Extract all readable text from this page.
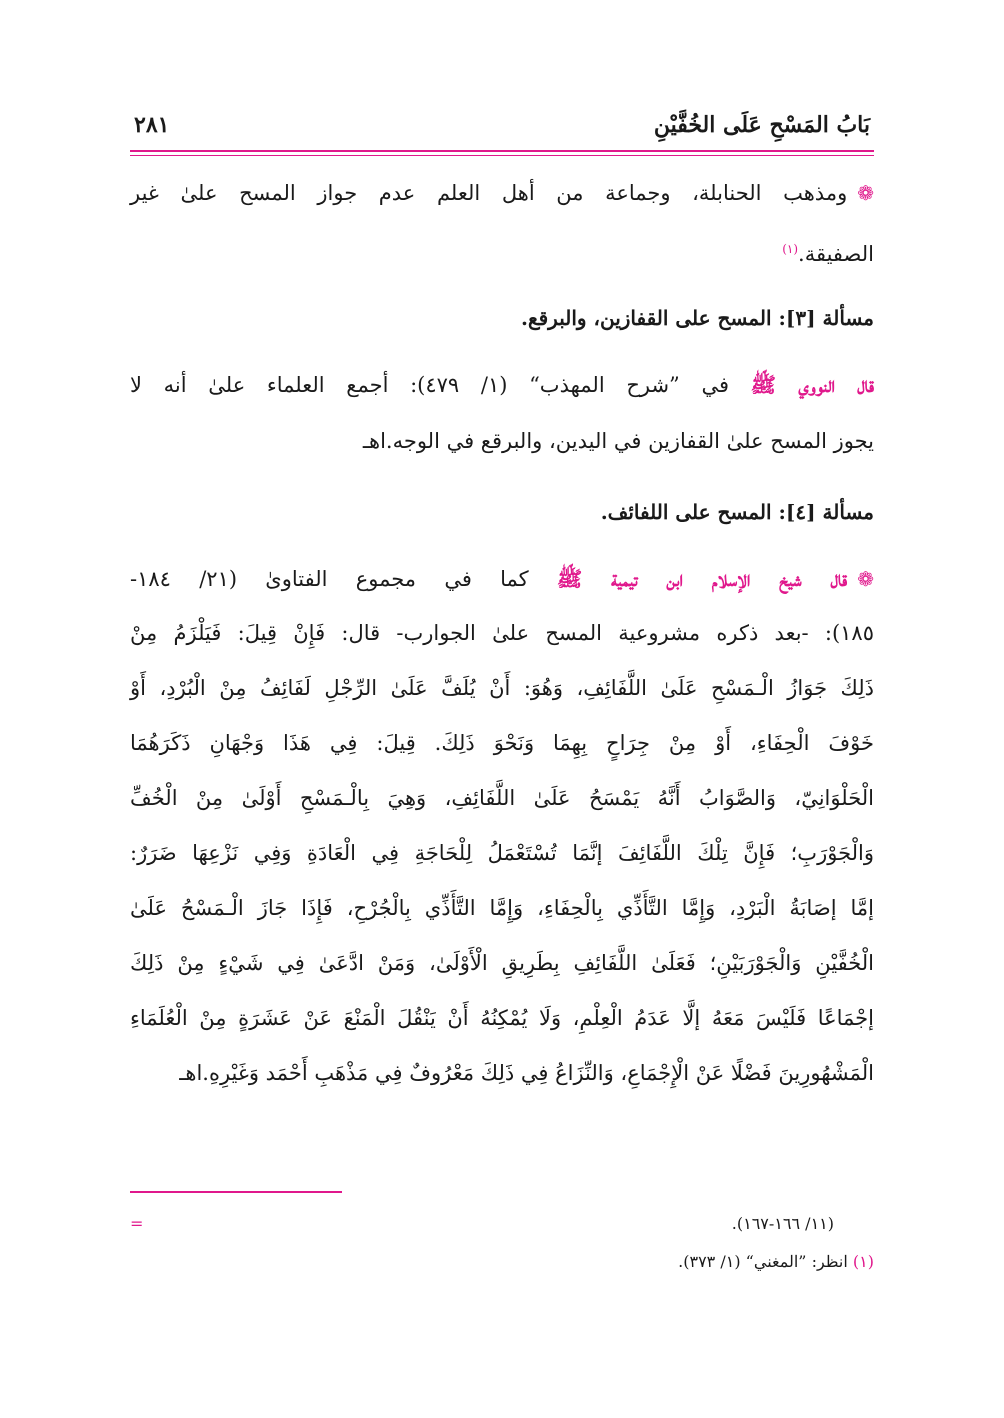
بَابُ المَسْحِ عَلَى الخُفَّيْنِ
٢٨١
❁ومذهب الحنابلة، وجماعة من أهل العلم عدم جواز المسح علىٰ غير
الصفيقة.$^{(١)}$
مسألة [٣]: المسح على القفازين، والبرقع.
قال النووي ﷺ في ”شرح المهذب“ (١/ ٤٧٩): أجمع العلماء علىٰ أنه لا
يجوز المسح علىٰ القفازين في اليدين، والبرقع في الوجه.اهـ
مسألة [٤]: المسح على اللفائف.
❁قال شيخ الإسلام ابن تيمية ﷺ كما في مجموع الفتاوىٰ (٢١/ ١٨٤-
١٨٥): -بعد ذكره مشروعية المسح علىٰ الجوارب- قال: فَإِنْ قِيلَ: فَيَلْزَمُ مِنْ
ذَلِكَ جَوَازُ الْـمَسْحِ عَلَىٰ اللَّفَائِفِ، وَهُوَ: أَنْ يُلَفَّ عَلَىٰ الرِّجْلِ لَفَائِفُ مِنْ الْبُرْدِ، أَوْ
خَوْفَ الْحِفَاءِ، أَوْ مِنْ جِرَاحٍ بِهِمَا وَنَحْوَ ذَلِكَ. قِيلَ: فِي هَذَا وَجْهَانِ ذَكَرَهُمَا
الْحَلْوَانِيّ، وَالصَّوَابُ أَنَّهُ يَمْسَحُ عَلَىٰ اللَّفَائِفِ، وَهِيَ بِالْـمَسْحِ أَوْلَىٰ مِنْ الْخُفِّ
وَالْجَوْرَبِ؛ فَإِنَّ تِلْكَ اللَّفَائِفَ إنَّمَا تُسْتَعْمَلُ لِلْحَاجَةِ فِي الْعَادَةِ وَفِي نَزْعِهَا ضَرَرٌ:
إمَّا إصَابَةُ الْبَرْدِ، وَإِمَّا التَّأَذِّي بِالْحِفَاءِ، وَإِمَّا التَّأَذِّي بِالْجُرْحِ، فَإِذَا جَازَ الْـمَسْحُ عَلَىٰ
الْخُفَّيْنِ وَالْجَوْرَبَيْنِ؛ فَعَلَىٰ اللَّفَائِفِ بِطَرِيقِ الْأَوْلَىٰ، وَمَنْ ادَّعَىٰ فِي شَيْءٍ مِنْ ذَلِكَ
إجْمَاعًا فَلَيْسَ مَعَهُ إلَّا عَدَمُ الْعِلْمِ، وَلَا يُمْكِنُهُ أَنْ يَنْقُلَ الْمَنْعَ عَنْ عَشَرَةٍ مِنْ الْعُلَمَاءِ
الْمَشْهُورِينَ فَضْلًا عَنْ الْإِجْمَاعِ، وَالنِّزَاعُ فِي ذَلِكَ مَعْرُوفٌ فِي مَذْهَبِ أَحْمَد وَغَيْرِهِ.اهـ
(١١/ ١٦٦-١٦٧).
=
(١) انظر: ”المغني“ (١/ ٣٧٣).
